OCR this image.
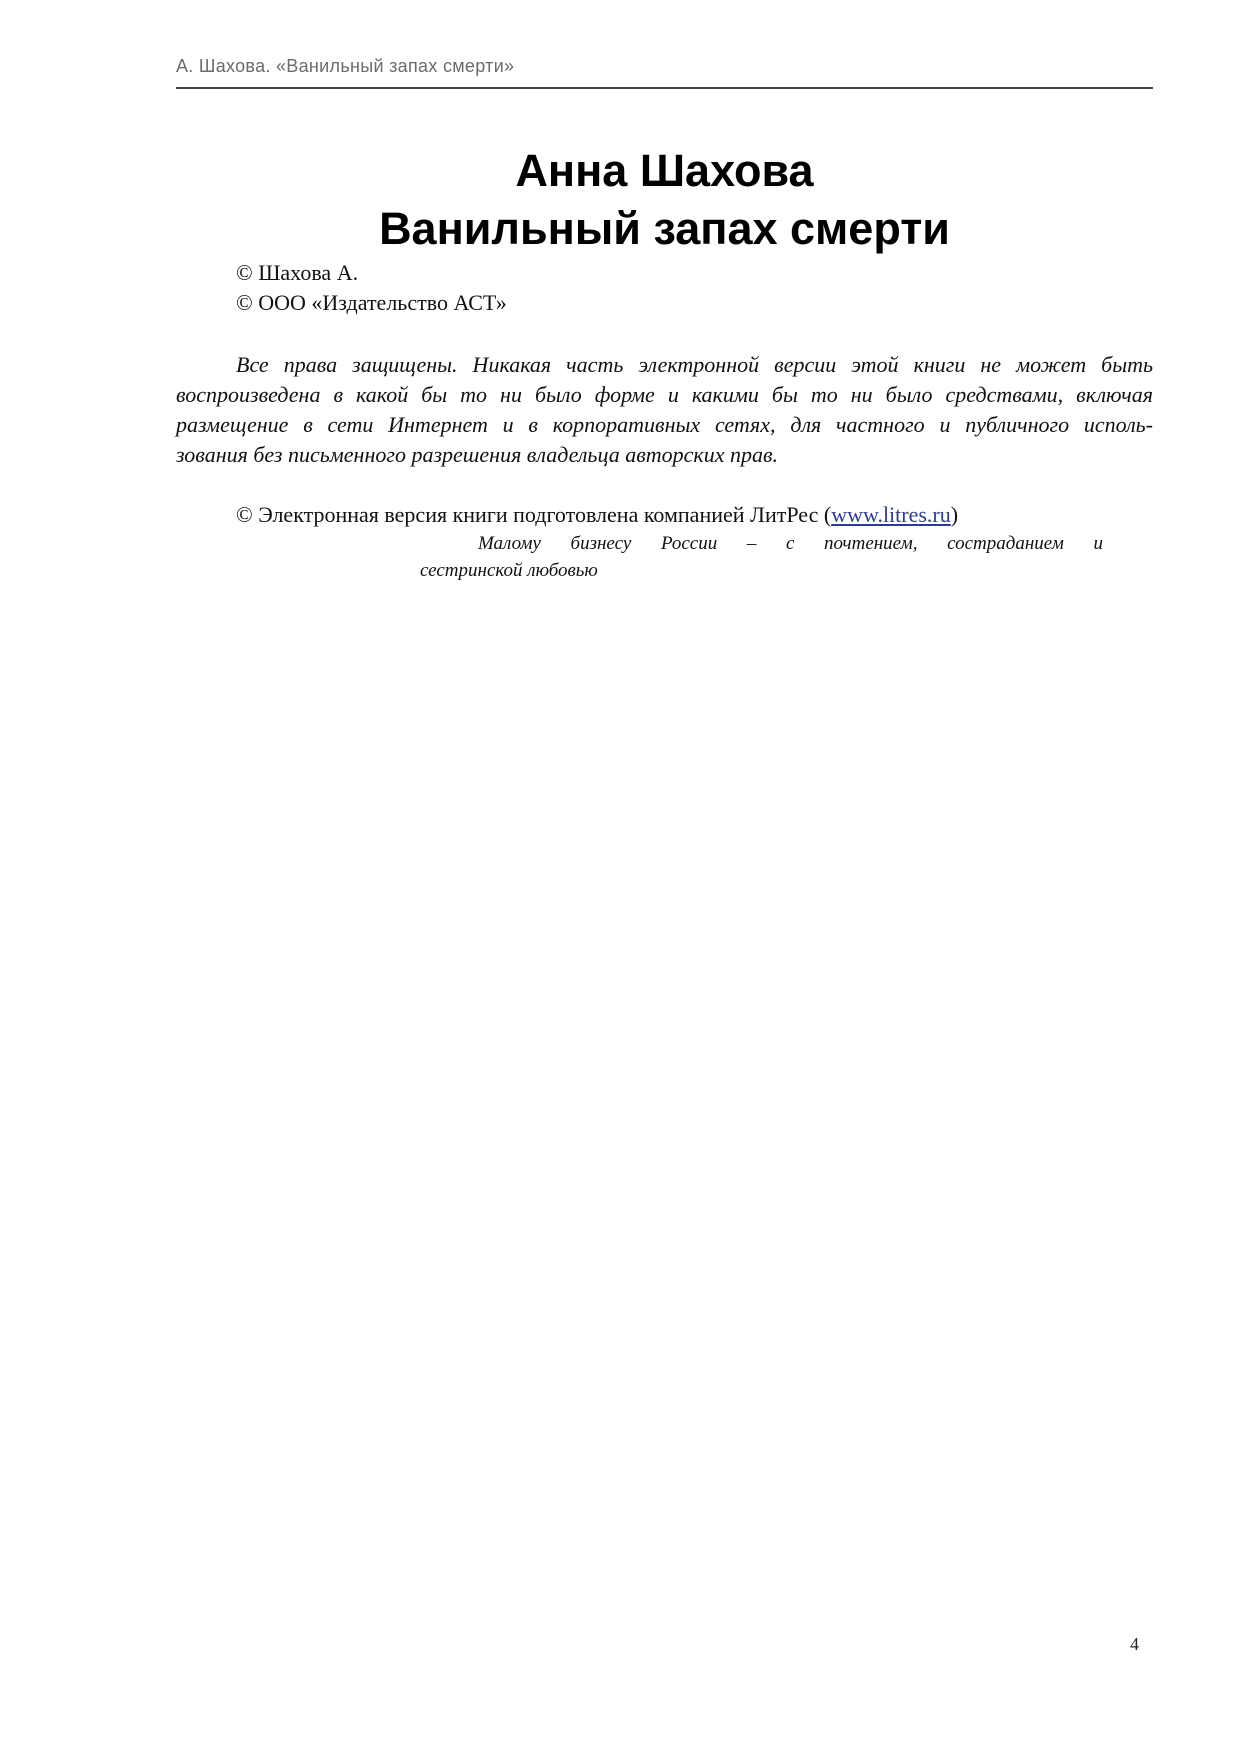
А. Шахова. «Ванильный запах смерти»
Анна Шахова
Ванильный запах смерти
© Шахова А.
© ООО «Издательство АСТ»
Все права защищены. Никакая часть электронной версии этой книги не может быть
воспроизведена в какой бы то ни было форме и какими бы то ни было средствами, включая
размещение в сети Интернет и в корпоративных сетях, для частного и публичного исполь-
зования без письменного разрешения владельца авторских прав.
© Электронная версия книги подготовлена компанией ЛитРес (www.litres.ru)
Малому бизнесу России – с почтением, состраданием и
сестринской любовью
4
